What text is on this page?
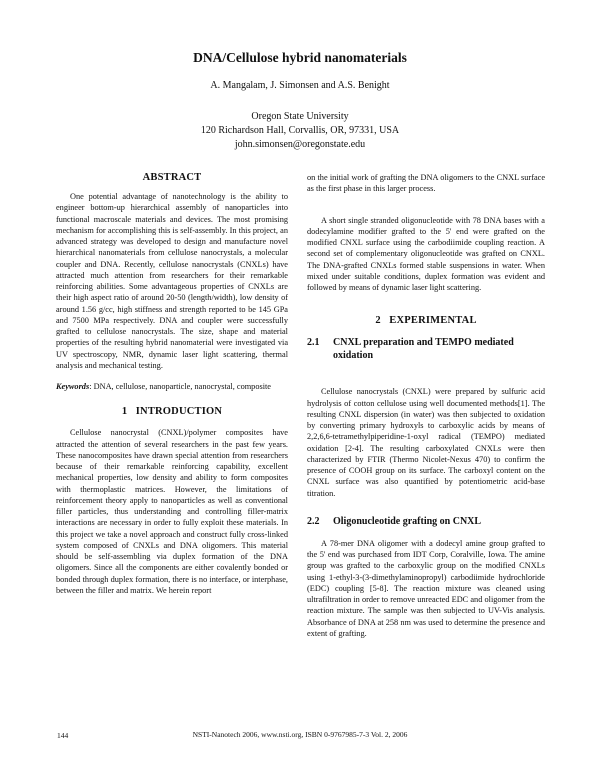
DNA/Cellulose hybrid nanomaterials
A. Mangalam, J. Simonsen and A.S. Benight
Oregon State University
120 Richardson Hall, Corvallis, OR, 97331, USA
john.simonsen@oregonstate.edu
ABSTRACT

One potential advantage of nanotechnology is the ability to engineer bottom-up hierarchical assembly of nanoparticles into functional macroscale materials and devices. The most promising mechanism for accomplishing this is self-assembly. In this project, an advanced strategy was developed to design and manufacture novel hierarchical nanomaterials from cellulose nanocrystals, a molecular coupler and DNA. Recently, cellulose nanocrystals (CNXLs) have attracted much attention from researchers for their remarkable reinforcing abilities. Some advantageous properties of CNXLs are their high aspect ratio of around 20-50 (length/width), low density of around 1.56 g/cc, high stiffness and strength reported to be 145 GPa and 7500 MPa respectively. DNA and coupler were successfully grafted to cellulose nanocrystals. The size, shape and material properties of the resulting hybrid nanomaterial were investigated via UV spectroscopy, NMR, dynamic laser light scattering, thermal analysis and mechanical testing.

Keywords: DNA, cellulose, nanoparticle, nanocrystal, composite

1 INTRODUCTION

Cellulose nanocrystal (CNXL)/polymer composites have attracted the attention of several researchers in the past few years. These nanocomposites have drawn special attention from researchers because of their remarkable reinforcing capability, excellent mechanical properties, low density and ability to form composites with thermoplastic matrices. However, the limitations of reinforcement theory apply to nanoparticles as well as conventional filler particles, thus understanding and controlling filler-matrix interactions are necessary in order to fully exploit these materials. In this project we take a novel approach and construct fully cross-linked system composed of CNXLs and DNA oligomers. This material should be self-assembling via duplex formation of the DNA oligomers. Since all the components are either covalently bonded or bonded through duplex formation, there is no interface, or interphase, between the filler and matrix. We herein report

on the initial work of grafting the DNA oligomers to the CNXL surface as the first phase in this larger process.

A short single stranded oligonucleotide with 78 DNA bases with a dodecylamine modifier grafted to the 5' end were grafted on the modified CNXL surface using the carbodiimide coupling reaction. A second set of complementary oligonucleotide was grafted on CNXL. The DNA-grafted CNXLs formed stable suspensions in water. When mixed under suitable conditions, duplex formation was evident and followed by means of dynamic laser light scattering.

2 EXPERIMENTAL
2.1	CNXL preparation and TEMPO mediated oxidation

Cellulose nanocrystals (CNXL) were prepared by sulfuric acid hydrolysis of cotton cellulose using well documented methods[1]. The resulting CNXL dispersion (in water) was then subjected to oxidation by converting primary hydroxyls to carboxylic acids by means of 2,2,6,6-tetramethylpiperidine-1-oxyl radical (TEMPO) mediated oxidation [2-4]. The resulting carboxylated CNXLs were then characterized by FTIR (Thermo Nicolet-Nexus 470) to confirm the presence of COOH group on its surface. The carboxyl content on the CNXL surface was also quantified by potentiometric acid-base titration.

2.2	Oligonucleotide grafting on CNXL

A 78-mer DNA oligomer with a dodecyl amine group grafted to the 5' end was purchased from IDT Corp, Coralville, Iowa. The amine group was grafted to the carboxylic group on the modified CNXLs using 1-ethyl-3-(3-dimethylaminopropyl) carbodiimide hydrochloride (EDC) coupling [5-8]. The reaction mixture was cleaned using ultrafiltration in order to remove unreacted EDC and oligomer from the reaction mixture. The sample was then subjected to UV-Vis analysis. Absorbance of DNA at 258 nm was used to determine the presence and extent of grafting.

144	NSTI-Nanotech 2006, www.nsti.org, ISBN 0-9767985-7-3 Vol. 2, 2006
